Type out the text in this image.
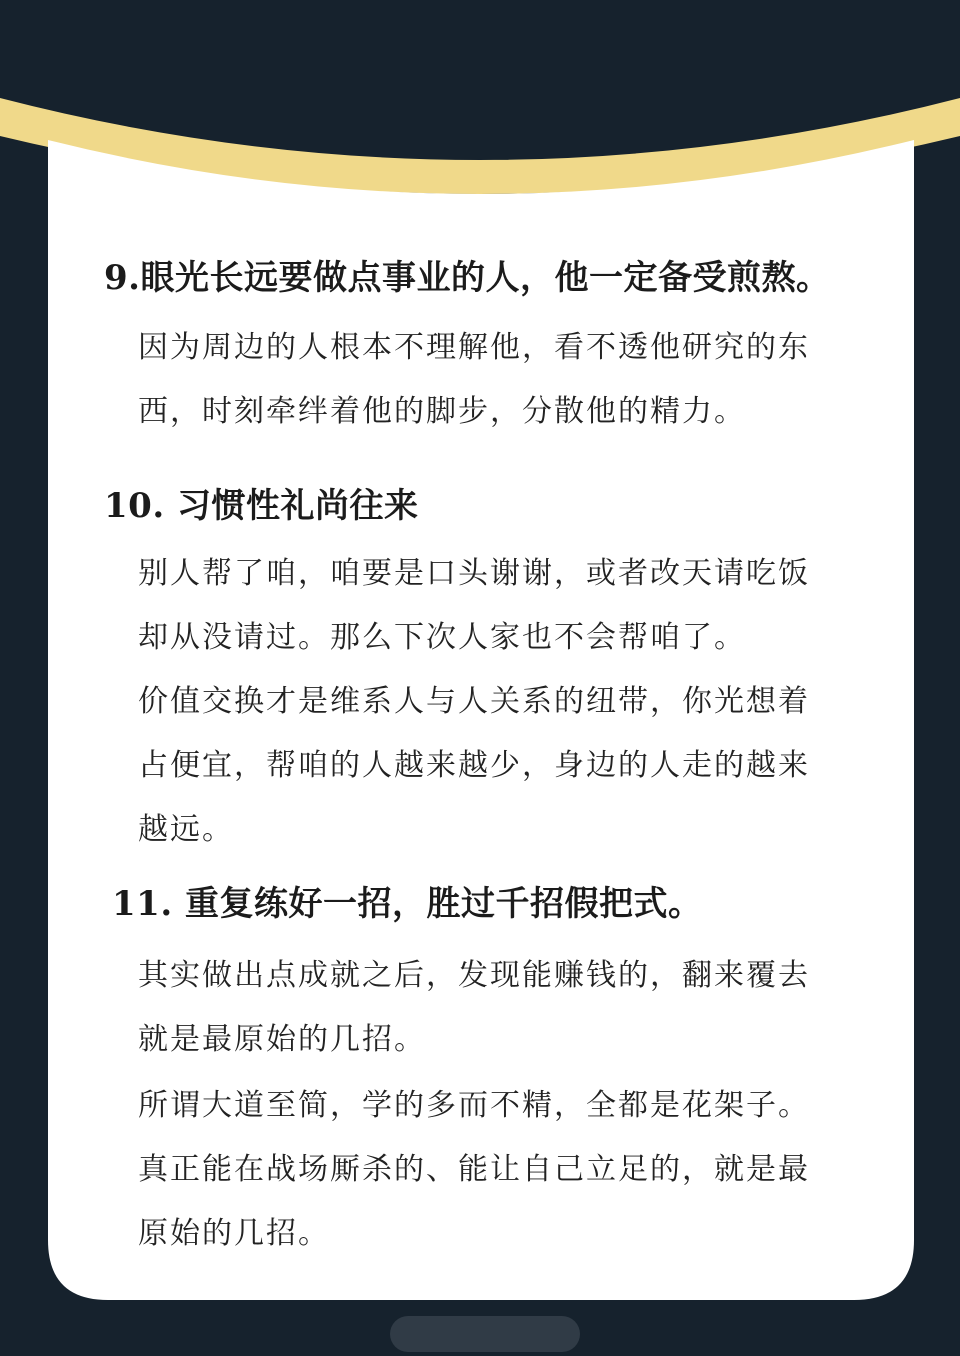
9.眼光长远要做点事业的人，他一定备受煎熬。

因为周边的人根本不理解他，看不透他研究的东
西，时刻牵绊着他的脚步，分散他的精力。

10. 习惯性礼尚往来

别人帮了咱，咱要是口头谢谢，或者改天请吃饭
却从没请过。那么下次人家也不会帮咱了。

价值交换才是维系人与人关系的纽带，你光想着
占便宜，帮咱的人越来越少，身边的人走的越来
越远。

11. 重复练好一招，胜过千招假把式。

其实做出点成就之后，发现能赚钱的，翻来覆去
就是最原始的几招。

所谓大道至简，学的多而不精，全都是花架子。

真正能在战场厮杀的、能让自己立足的，就是最
原始的几招。
